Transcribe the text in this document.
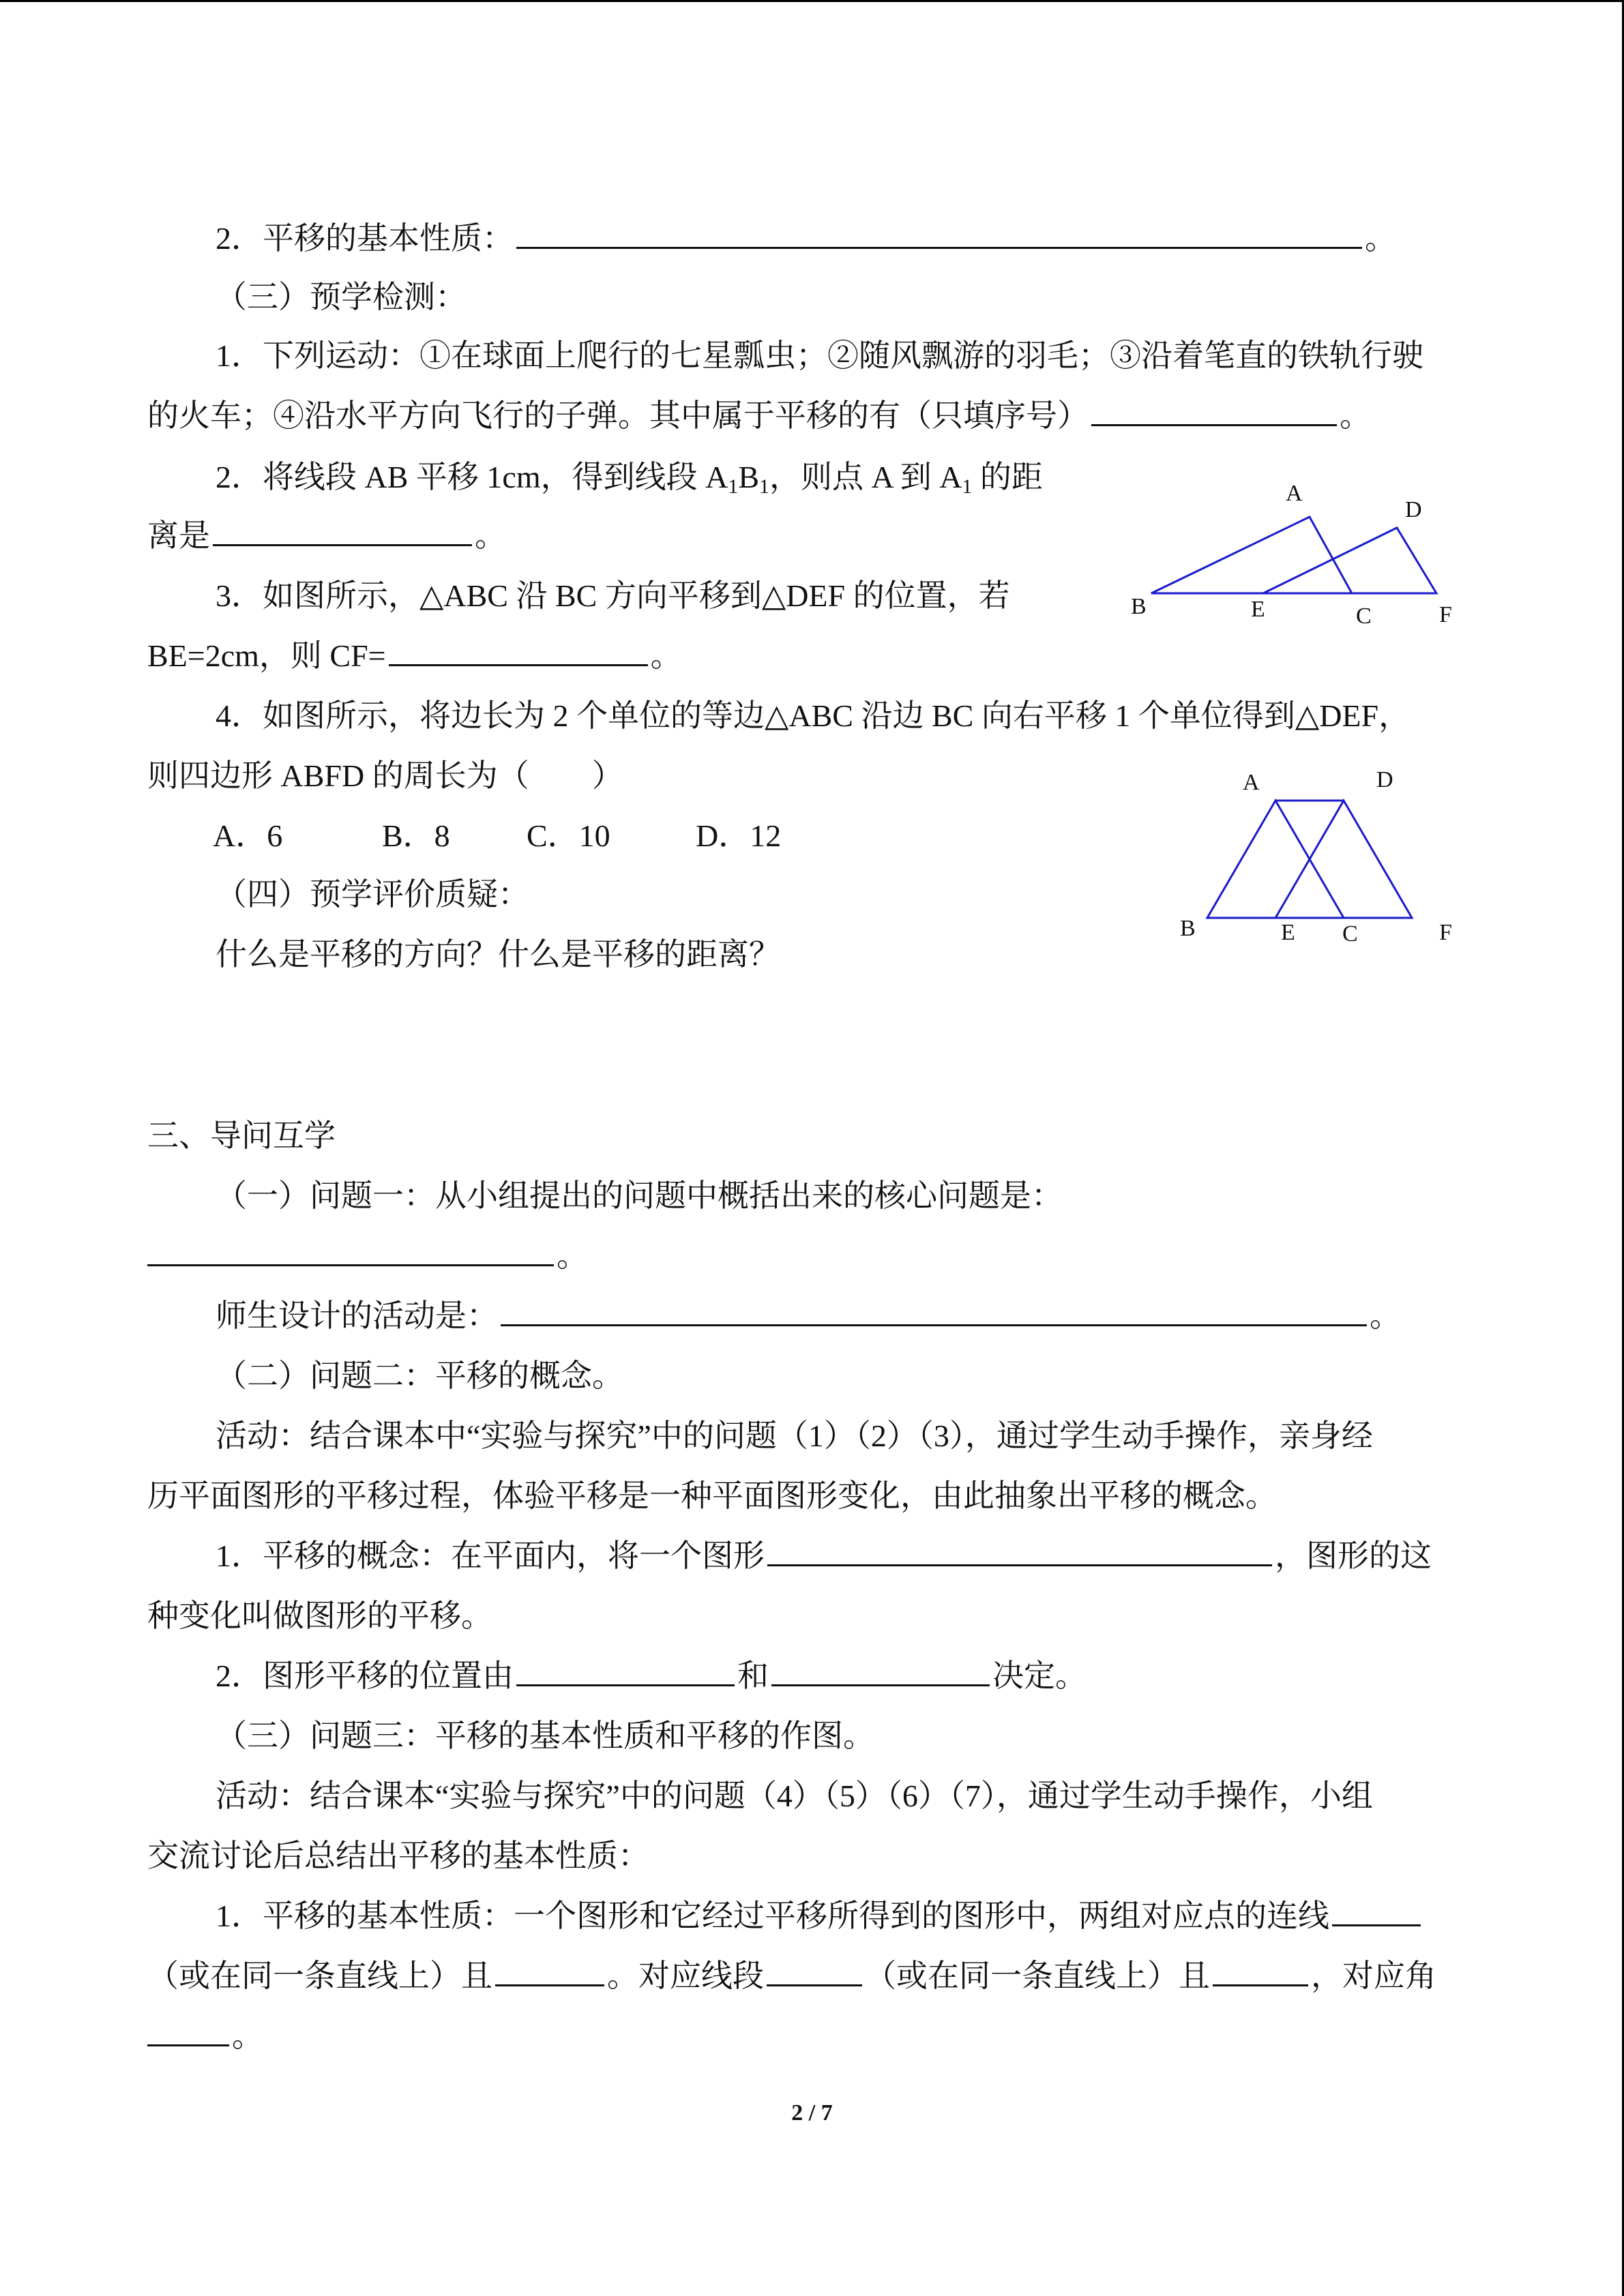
2．平移的基本性质：	。
（三）预学检测：
1．下列运动：①在球面上爬行的七星瓢虫；②随风飘游的羽毛；③沿着笔直的铁轨行驶
的火车；④沿水平方向飞行的子弹。其中属于平移的有（只填序号）	。
2．将线段 AB 平移 1cm，得到线段 $A_1B_1$，则点 A 到 $A_1$ 的距
离是	。
3．如图所示，△ABC 沿 BC 方向平移到△DEF 的位置，若
BE=2cm，则 CF=	。
4．如图所示，将边长为 2 个单位的等边△ABC 沿边 BC 向右平移 1 个单位得到△DEF，
则四边形 ABFD 的周长为（　　）
A．6	B．8 C．10	D．12
（四）预学评价质疑：
什么是平移的方向？什么是平移的距离？
A
D
B	E	C	F
A	D
B	E C	F
三、导问互学
（一）问题一：从小组提出的问题中概括出来的核心问题是：
。
师生设计的活动是：	。
（二）问题二：平移的概念。
活动：结合课本中“实验与探究”中的问题（1）（2）（3），通过学生动手操作，亲身经
历平面图形的平移过程，体验平移是一种平面图形变化，由此抽象出平移的概念。
1．平移的概念：在平面内，将一个图形	，图形的这
种变化叫做图形的平移。
2．图形平移的位置由	和	决定。
（三）问题三：平移的基本性质和平移的作图。
活动：结合课本“实验与探究”中的问题（4）（5）（6）（7），通过学生动手操作，小组
交流讨论后总结出平移的基本性质：
1．平移的基本性质：一个图形和它经过平移所得到的图形中，两组对应点的连线
（或在同一条直线上）且	。对应线段	（或在同一条直线上）且	，对应角
。
2 / 7
